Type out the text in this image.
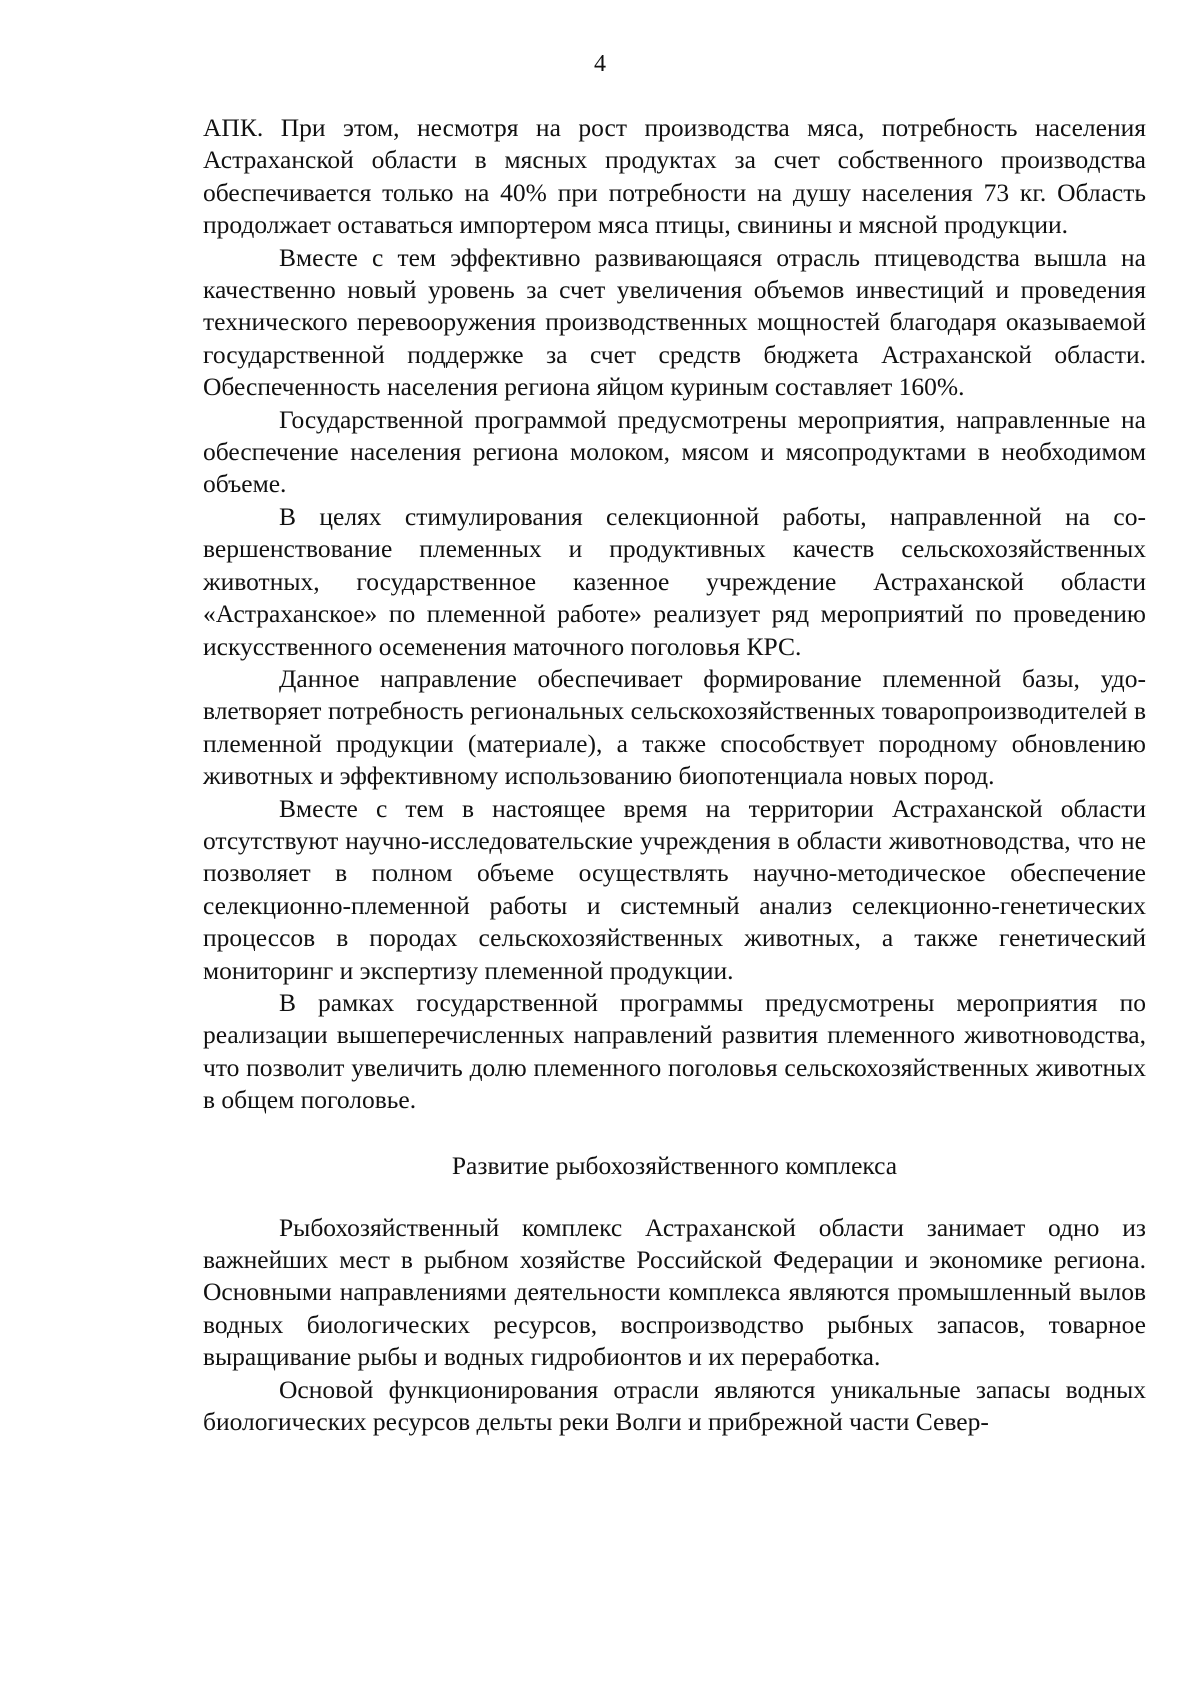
4

АПК. При этом, несмотря на рост производства мяса, потребность населения Астраханской области в мясных продуктах за счет собственного производства обеспечивается только на 40% при потребности на душу населения 73 кг. Область продолжает оставаться импортером мяса птицы, свинины и мясной продукции.

Вместе с тем эффективно развивающаяся отрасль птицеводства вышла на качественно новый уровень за счет увеличения объемов инвестиций и проведения технического перевооружения производственных мощностей благодаря оказываемой государственной поддержке за счет средств бюджета Астраханской области. Обеспеченность населения региона яйцом куриным составляет 160%.

Государственной программой предусмотрены мероприятия, направленные на обеспечение населения региона молоком, мясом и мясопродуктами в необходимом объеме.

В целях стимулирования селекционной работы, направленной на совершенствование племенных и продуктивных качеств сельскохозяйственных животных, государственное казенное учреждение Астраханской области «Астраханское» по племенной работе» реализует ряд мероприятий по проведению искусственного осеменения маточного поголовья КРС.

Данное направление обеспечивает формирование племенной базы, удовлетворяет потребность региональных сельскохозяйственных товаропроизводителей в племенной продукции (материале), а также способствует породному обновлению животных и эффективному использованию биопотенциала новых пород.

Вместе с тем в настоящее время на территории Астраханской области отсутствуют научно-исследовательские учреждения в области животноводства, что не позволяет в полном объеме осуществлять научно-методическое обеспечение селекционно-племенной работы и системный анализ селекционно-генетических процессов в породах сельскохозяйственных животных, а также генетический мониторинг и экспертизу племенной продукции.

В рамках государственной программы предусмотрены мероприятия по реализации вышеперечисленных направлений развития племенного животноводства, что позволит увеличить долю племенного поголовья сельскохозяйственных животных в общем поголовье.

Развитие рыбохозяйственного комплекса

Рыбохозяйственный комплекс Астраханской области занимает одно из важнейших мест в рыбном хозяйстве Российской Федерации и экономике региона. Основными направлениями деятельности комплекса являются промышленный вылов водных биологических ресурсов, воспроизводство рыбных запасов, товарное выращивание рыбы и водных гидробионтов и их переработка.

Основой функционирования отрасли являются уникальные запасы водных биологических ресурсов дельты реки Волги и прибрежной части Север-
